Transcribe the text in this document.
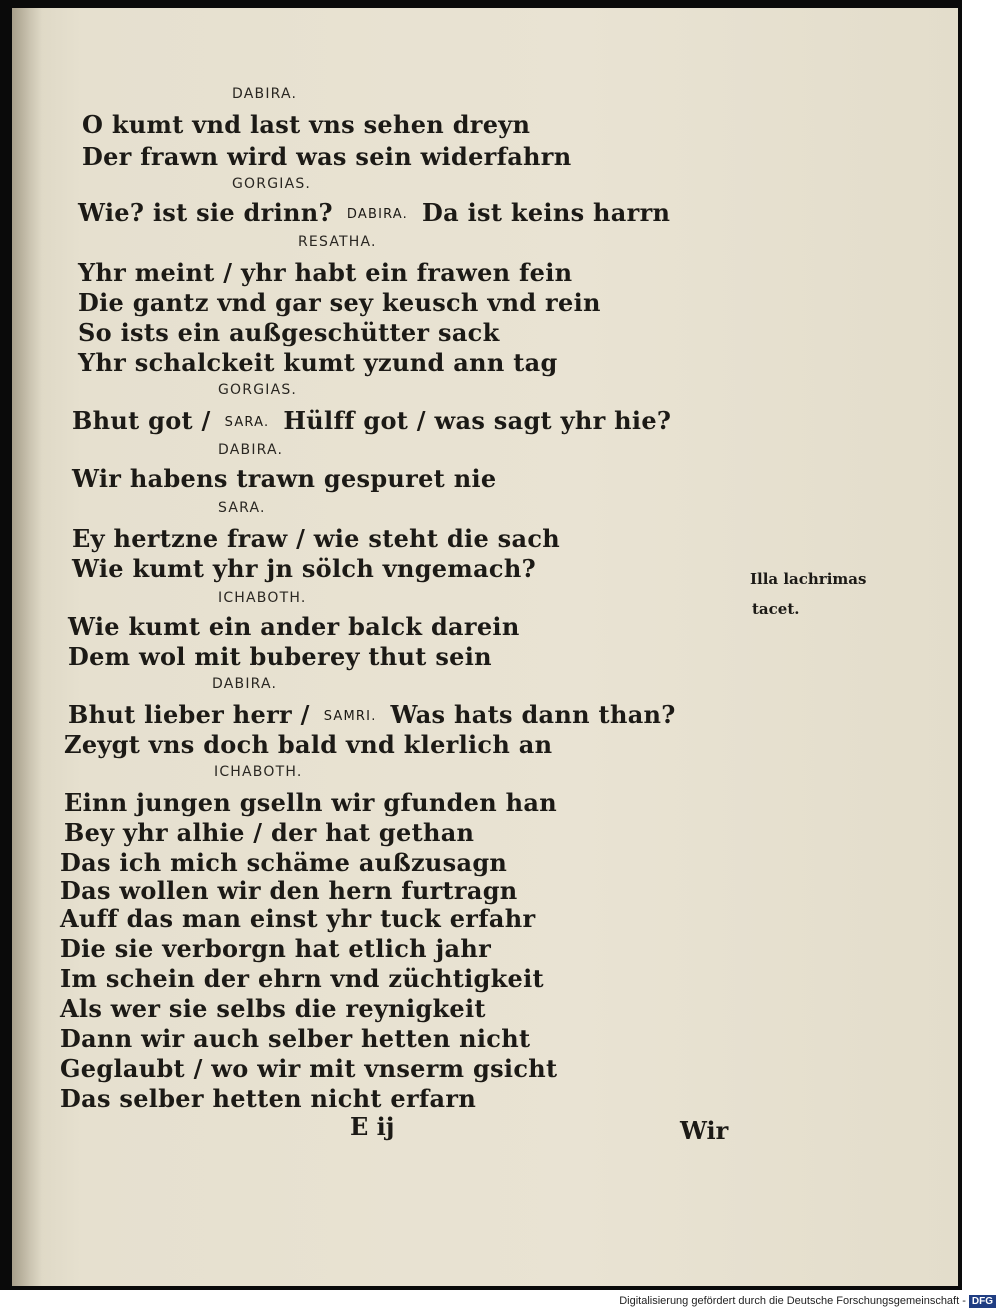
DABIRA.
O kumt vnd last vns sehen dreyn
Der frawn wird was sein widerfahrn
GORGIAS.
Wie? ist sie drinn? DABIRA. Da ist keins harrn
RESATHA.
Yhr meint / yhr habt ein frawen fein
Die gantz vnd gar sey keusch vnd rein
So ists ein außgeschütter sack
Yhr schalckeit kumt yzund ann tag
GORGIAS.
Bhut got / SARA. Hülff got / was sagt yhr hie?
DABIRA.
Wir habens trawn gespuret nie
SARA.
Ey hertzne fraw / wie steht die sach
Wie kumt yhr jn sölch vngemach?
ICHABOTH.
Wie kumt ein ander balck darein
Dem wol mit buberey thut sein
DABIRA.
Bhut lieber herr / SAMRI. Was hats dann than?
Zeygt vns doch bald vnd klerlich an
ICHABOTH.
Einn jungen gselln wir gfunden han
Bey yhr alhie / der hat gethan
Das ich mich schäme außzusagn
Das wollen wir den hern furtragn
Auff das man einst yhr tuck erfahr
Die sie verborgn hat etlich jahr
Im schein der ehrn vnd züchtigkeit
Als wer sie selbs die reynigkeit
Dann wir auch selber hetten nicht
Geglaubt / wo wir mit vnserm gsicht
Das selber hetten nicht erfarn
Illa lachrimas
tacet.
E ij	Wir
Digitalisierung gefördert durch die Deutsche Forschungsgemeinschaft - DFG
